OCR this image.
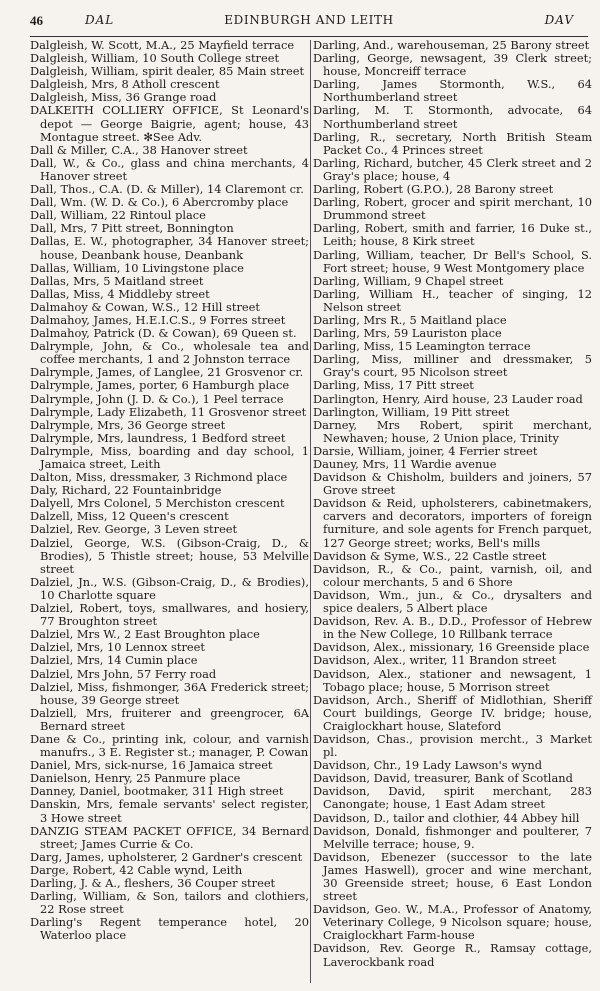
46	DAL	EDINBURGH AND LEITH	DAV

Dalgleish, W. Scott, M.A., 25 Mayfield terrace

Dalgleish, William, 10 South College street

Dalgleish, William, spirit dealer, 85 Main street

Dalgleish, Mrs, 8 Atholl crescent

Dalgleish, Miss, 36 Grange road

DALKEITH COLLIERY OFFICE, St Leonard's depot — George Baigrie, agent; house, 43 Montague street. ✻See Adv.

Dall & Miller, C.A., 38 Hanover street

Dall, W., & Co., glass and china merchants, 4 Hanover street

Dall, Thos., C.A. (D. & Miller), 14 Claremont cr.

Dall, Wm. (W. D. & Co.), 6 Abercromby place

Dall, William, 22 Rintoul place

Dall, Mrs, 7 Pitt street, Bonnington

Dallas, E. W., photographer, 34 Hanover street; house, Deanbank house, Deanbank

Dallas, William, 10 Livingstone place

Dallas, Mrs, 5 Maitland street

Dallas, Miss, 4 Middleby street

Dalmahoy & Cowan, W.S., 12 Hill street

Dalmahoy, James, H.E.I.C.S., 9 Forres street

Dalmahoy, Patrick (D. & Cowan), 69 Queen st.

Dalrymple, John, & Co., wholesale tea and coffee merchants, 1 and 2 Johnston terrace

Dalrymple, James, of Langlee, 21 Grosvenor cr.

Dalrymple, James, porter, 6 Hamburgh place

Dalrymple, John (J. D. & Co.), 1 Peel terrace

Dalrymple, Lady Elizabeth, 11 Grosvenor street

Dalrymple, Mrs, 36 George street

Dalrymple, Mrs, laundress, 1 Bedford street

Dalrymple, Miss, boarding and day school, 1 Jamaica street, Leith

Dalton, Miss, dressmaker, 3 Richmond place

Daly, Richard, 22 Fountainbridge

Dalyell, Mrs Colonel, 5 Merchiston crescent

Dalzell, Miss, 12 Queen's crescent

Dalziel, Rev. George, 3 Leven street

Dalziel, George, W.S. (Gibson-Craig, D., & Brodies), 5 Thistle street; house, 53 Melville street

Dalziel, Jn., W.S. (Gibson-Craig, D., & Brodies), 10 Charlotte square

Dalziel, Robert, toys, smallwares, and hosiery, 77 Broughton street

Dalziel, Mrs W., 2 East Broughton place

Dalziel, Mrs, 10 Lennox street

Dalziel, Mrs, 14 Cumin place

Dalziel, Mrs John, 57 Ferry road

Dalziel, Miss, fishmonger, 36A Frederick street; house, 39 George street

Dalziell, Mrs, fruiterer and greengrocer, 6A Bernard street

Dane & Co., printing ink, colour, and varnish manufrs., 3 E. Register st.; manager, P. Cowan

Daniel, Mrs, sick-nurse, 16 Jamaica street

Danielson, Henry, 25 Panmure place

Danney, Daniel, bootmaker, 311 High street

Danskin, Mrs, female servants' select register, 3 Howe street

DANZIG STEAM PACKET OFFICE, 34 Bernard street; James Currie & Co.

Darg, James, upholsterer, 2 Gardner's crescent

Darge, Robert, 42 Cable wynd, Leith

Darling, J. & A., fleshers, 36 Couper street

Darling, William, & Son, tailors and clothiers, 22 Rose street

Darling's Regent temperance hotel, 20 Waterloo place

Darling, And., warehouseman, 25 Barony street

Darling, George, newsagent, 39 Clerk street; house, Moncreiff terrace

Darling, James Stormonth, W.S., 64 Northumberland street

Darling, M. T. Stormonth, advocate, 64 Northumberland street

Darling, R., secretary, North British Steam Packet Co., 4 Princes street

Darling, Richard, butcher, 45 Clerk street and 2 Gray's place; house, 4

Darling, Robert (G.P.O.), 28 Barony street

Darling, Robert, grocer and spirit merchant, 10 Drummond street

Darling, Robert, smith and farrier, 16 Duke st., Leith; house, 8 Kirk street

Darling, William, teacher, Dr Bell's School, S. Fort street; house, 9 West Montgomery place

Darling, William, 9 Chapel street

Darling, William H., teacher of singing, 12 Nelson street

Darling, Mrs R., 5 Maitland place

Darling, Mrs, 59 Lauriston place

Darling, Miss, 15 Leamington terrace

Darling, Miss, milliner and dressmaker, 5 Gray's court, 95 Nicolson street

Darling, Miss, 17 Pitt street

Darlington, Henry, Aird house, 23 Lauder road

Darlington, William, 19 Pitt street

Darney, Mrs Robert, spirit merchant, Newhaven; house, 2 Union place, Trinity

Darsie, William, joiner, 4 Ferrier street

Dauney, Mrs, 11 Wardie avenue

Davidson & Chisholm, builders and joiners, 57 Grove street

Davidson & Reid, upholsterers, cabinetmakers, carvers and decorators, importers of foreign furniture, and sole agents for French parquet, 127 George street; works, Bell's mills

Davidson & Syme, W.S., 22 Castle street

Davidson, R., & Co., paint, varnish, oil, and colour merchants, 5 and 6 Shore

Davidson, Wm., jun., & Co., drysalters and spice dealers, 5 Albert place

Davidson, Rev. A. B., D.D., Professor of Hebrew in the New College, 10 Rillbank terrace

Davidson, Alex., missionary, 16 Greenside place

Davidson, Alex., writer, 11 Brandon street

Davidson, Alex., stationer and newsagent, 1 Tobago place; house, 5 Morrison street

Davidson, Arch., Sheriff of Midlothian, Sheriff Court buildings, George IV. bridge; house, Craiglockhart house, Slateford

Davidson, Chas., provision mercht., 3 Market pl.

Davidson, Chr., 19 Lady Lawson's wynd

Davidson, David, treasurer, Bank of Scotland

Davidson, David, spirit merchant, 283 Canongate; house, 1 East Adam street

Davidson, D., tailor and clothier, 44 Abbey hill

Davidson, Donald, fishmonger and poulterer, 7 Melville terrace; house, 9.

Davidson, Ebenezer (successor to the late James Haswell), grocer and wine merchant, 30 Greenside street; house, 6 East London street

Davidson, Geo. W., M.A., Professor of Anatomy, Veterinary College, 9 Nicolson square; house, Craiglockhart Farm-house

Davidson, Rev. George R., Ramsay cottage, Laverockbank road
